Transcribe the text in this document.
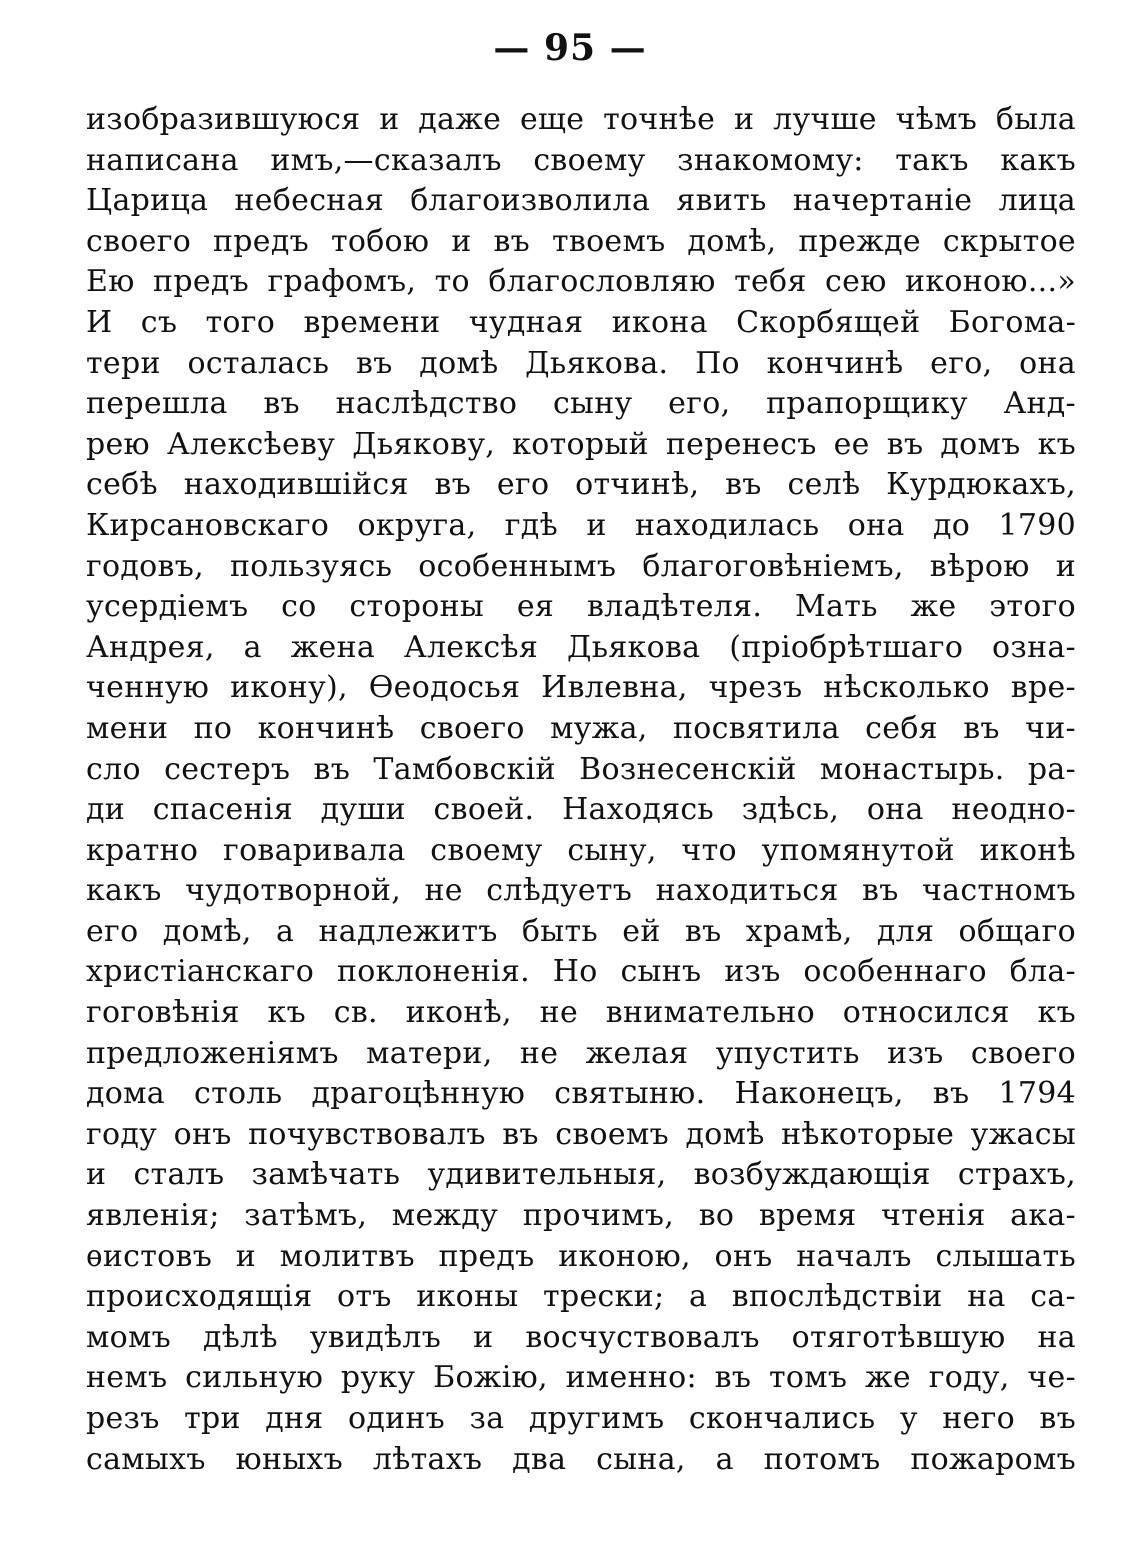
— 95 —
изобразившуюся и даже еще точнѣе и лучше чѣмъ была
написана имъ,—сказалъ своему знакомому: такъ какъ
Царица небесная благоизволила явить начертаніе лица
своего предъ тобою и въ твоемъ домѣ, прежде скрытое
Ею предъ графомъ, то благословляю тебя сею иконою...»
И съ того времени чудная икона Скорбящей Богома-
тери осталась въ домѣ Дьякова. По кончинѣ его, она
перешла въ наслѣдство сыну его, прапорщику Анд-
рею Алексѣеву Дьякову, который перенесъ ее въ домъ къ
себѣ находившійся въ его отчинѣ, въ селѣ Курдюкахъ,
Кирсановскаго округа, гдѣ и находилась она до 1790
годовъ, пользуясь особеннымъ благоговѣніемъ, вѣрою и
усердіемъ со стороны ея владѣтеля. Мать же этого
Андрея, а жена Алексѣя Дьякова (пріобрѣтшаго озна-
ченную икону), Ѳеодосья Ивлевна, чрезъ нѣсколько вре-
мени по кончинѣ своего мужа, посвятила себя въ чи-
сло сестеръ въ Тамбовскій Вознесенскій монастырь. ра-
ди спасенія души своей. Находясь здѣсь, она неодно-
кратно говаривала своему сыну, что упомянутой иконѣ
какъ чудотворной, не слѣдуетъ находиться въ частномъ
его домѣ, а надлежитъ быть ей въ храмѣ, для общаго
христіанскаго поклоненія. Но сынъ изъ особеннаго бла-
гоговѣнія къ св. иконѣ, не внимательно относился къ
предложеніямъ матери, не желая упустить изъ своего
дома столь драгоцѣнную святыню. Наконецъ, въ 1794
году онъ почувствовалъ въ своемъ домѣ нѣкоторые ужасы
и сталъ замѣчать удивительныя, возбуждающія страхъ,
явленія; затѣмъ, между прочимъ, во время чтенія ака-
ѳистовъ и молитвъ предъ иконою, онъ началъ слышать
происходящія отъ иконы трески; а впослѣдствіи на са-
момъ дѣлѣ увидѣлъ и восчуствовалъ отяготѣвшую на
немъ сильную руку Божію, именно: въ томъ же году, че-
резъ три дня одинъ за другимъ скончались у него въ
самыхъ юныхъ лѣтахъ два сына, а потомъ пожаромъ
